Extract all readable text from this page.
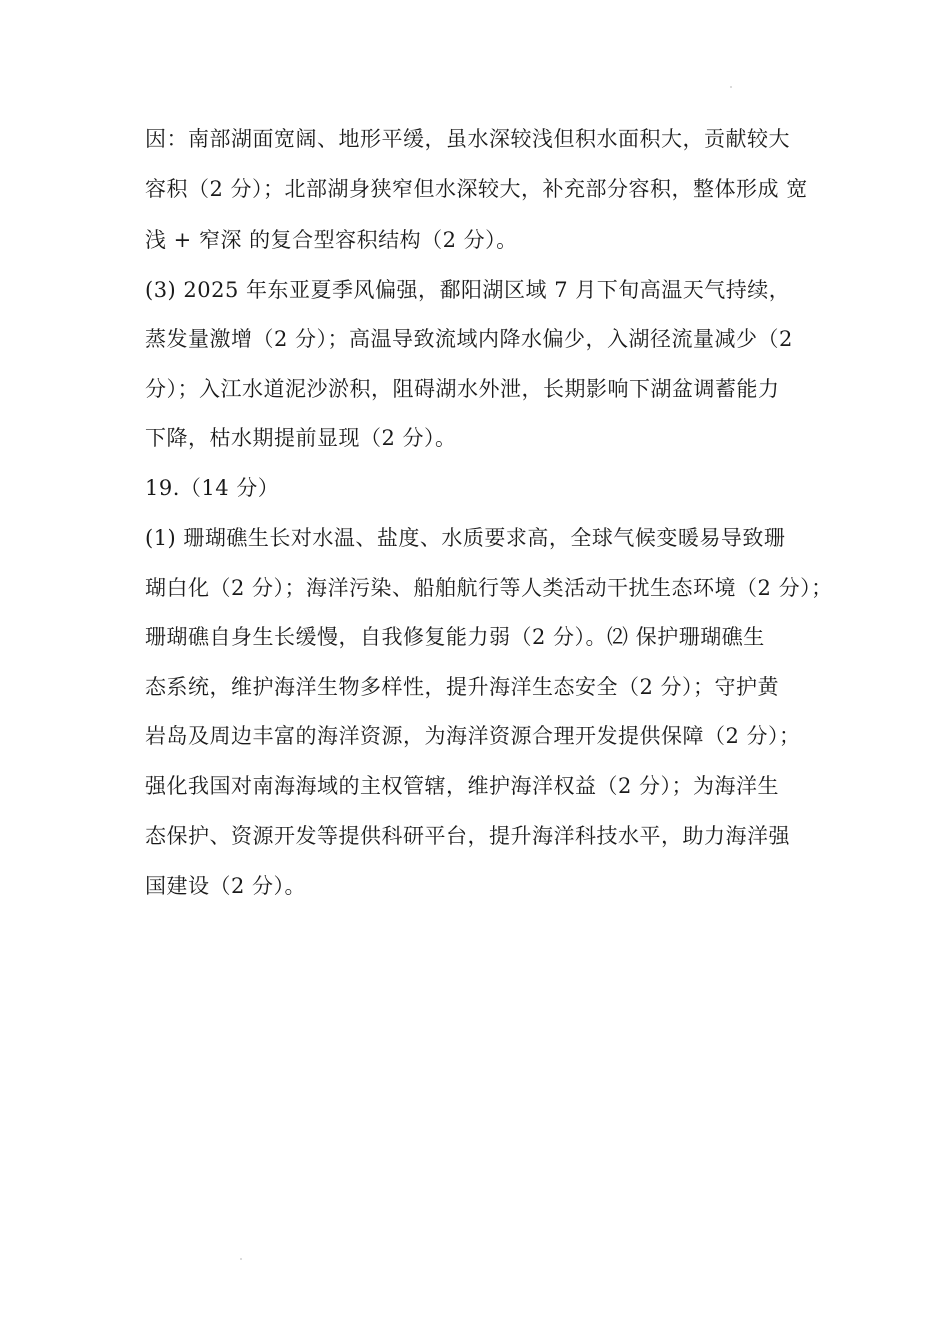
因：南部湖面宽阔、地形平缓，虽水深较浅但积水面积大，贡献较大
容积（2 分）；北部湖身狭窄但水深较大，补充部分容积，整体形成 宽
浅 + 窄深 的复合型容积结构（2 分）。
(3) 2025 年东亚夏季风偏强，鄱阳湖区域 7 月下旬高温天气持续，
蒸发量激增（2 分）；高温导致流域内降水偏少，入湖径流量减少（2
分）；入江水道泥沙淤积，阻碍湖水外泄，长期影响下湖盆调蓄能力
下降，枯水期提前显现（2 分）。
19.（14 分）
(1) 珊瑚礁生长对水温、盐度、水质要求高，全球气候变暖易导致珊
瑚白化（2 分）；海洋污染、船舶航行等人类活动干扰生态环境（2 分）；
珊瑚礁自身生长缓慢，自我修复能力弱（2 分）。⑵ 保护珊瑚礁生
态系统，维护海洋生物多样性，提升海洋生态安全（2 分）；守护黄
岩岛及周边丰富的海洋资源，为海洋资源合理开发提供保障（2 分）；
强化我国对南海海域的主权管辖，维护海洋权益（2 分）；为海洋生
态保护、资源开发等提供科研平台，提升海洋科技水平，助力海洋强
国建设（2 分）。
